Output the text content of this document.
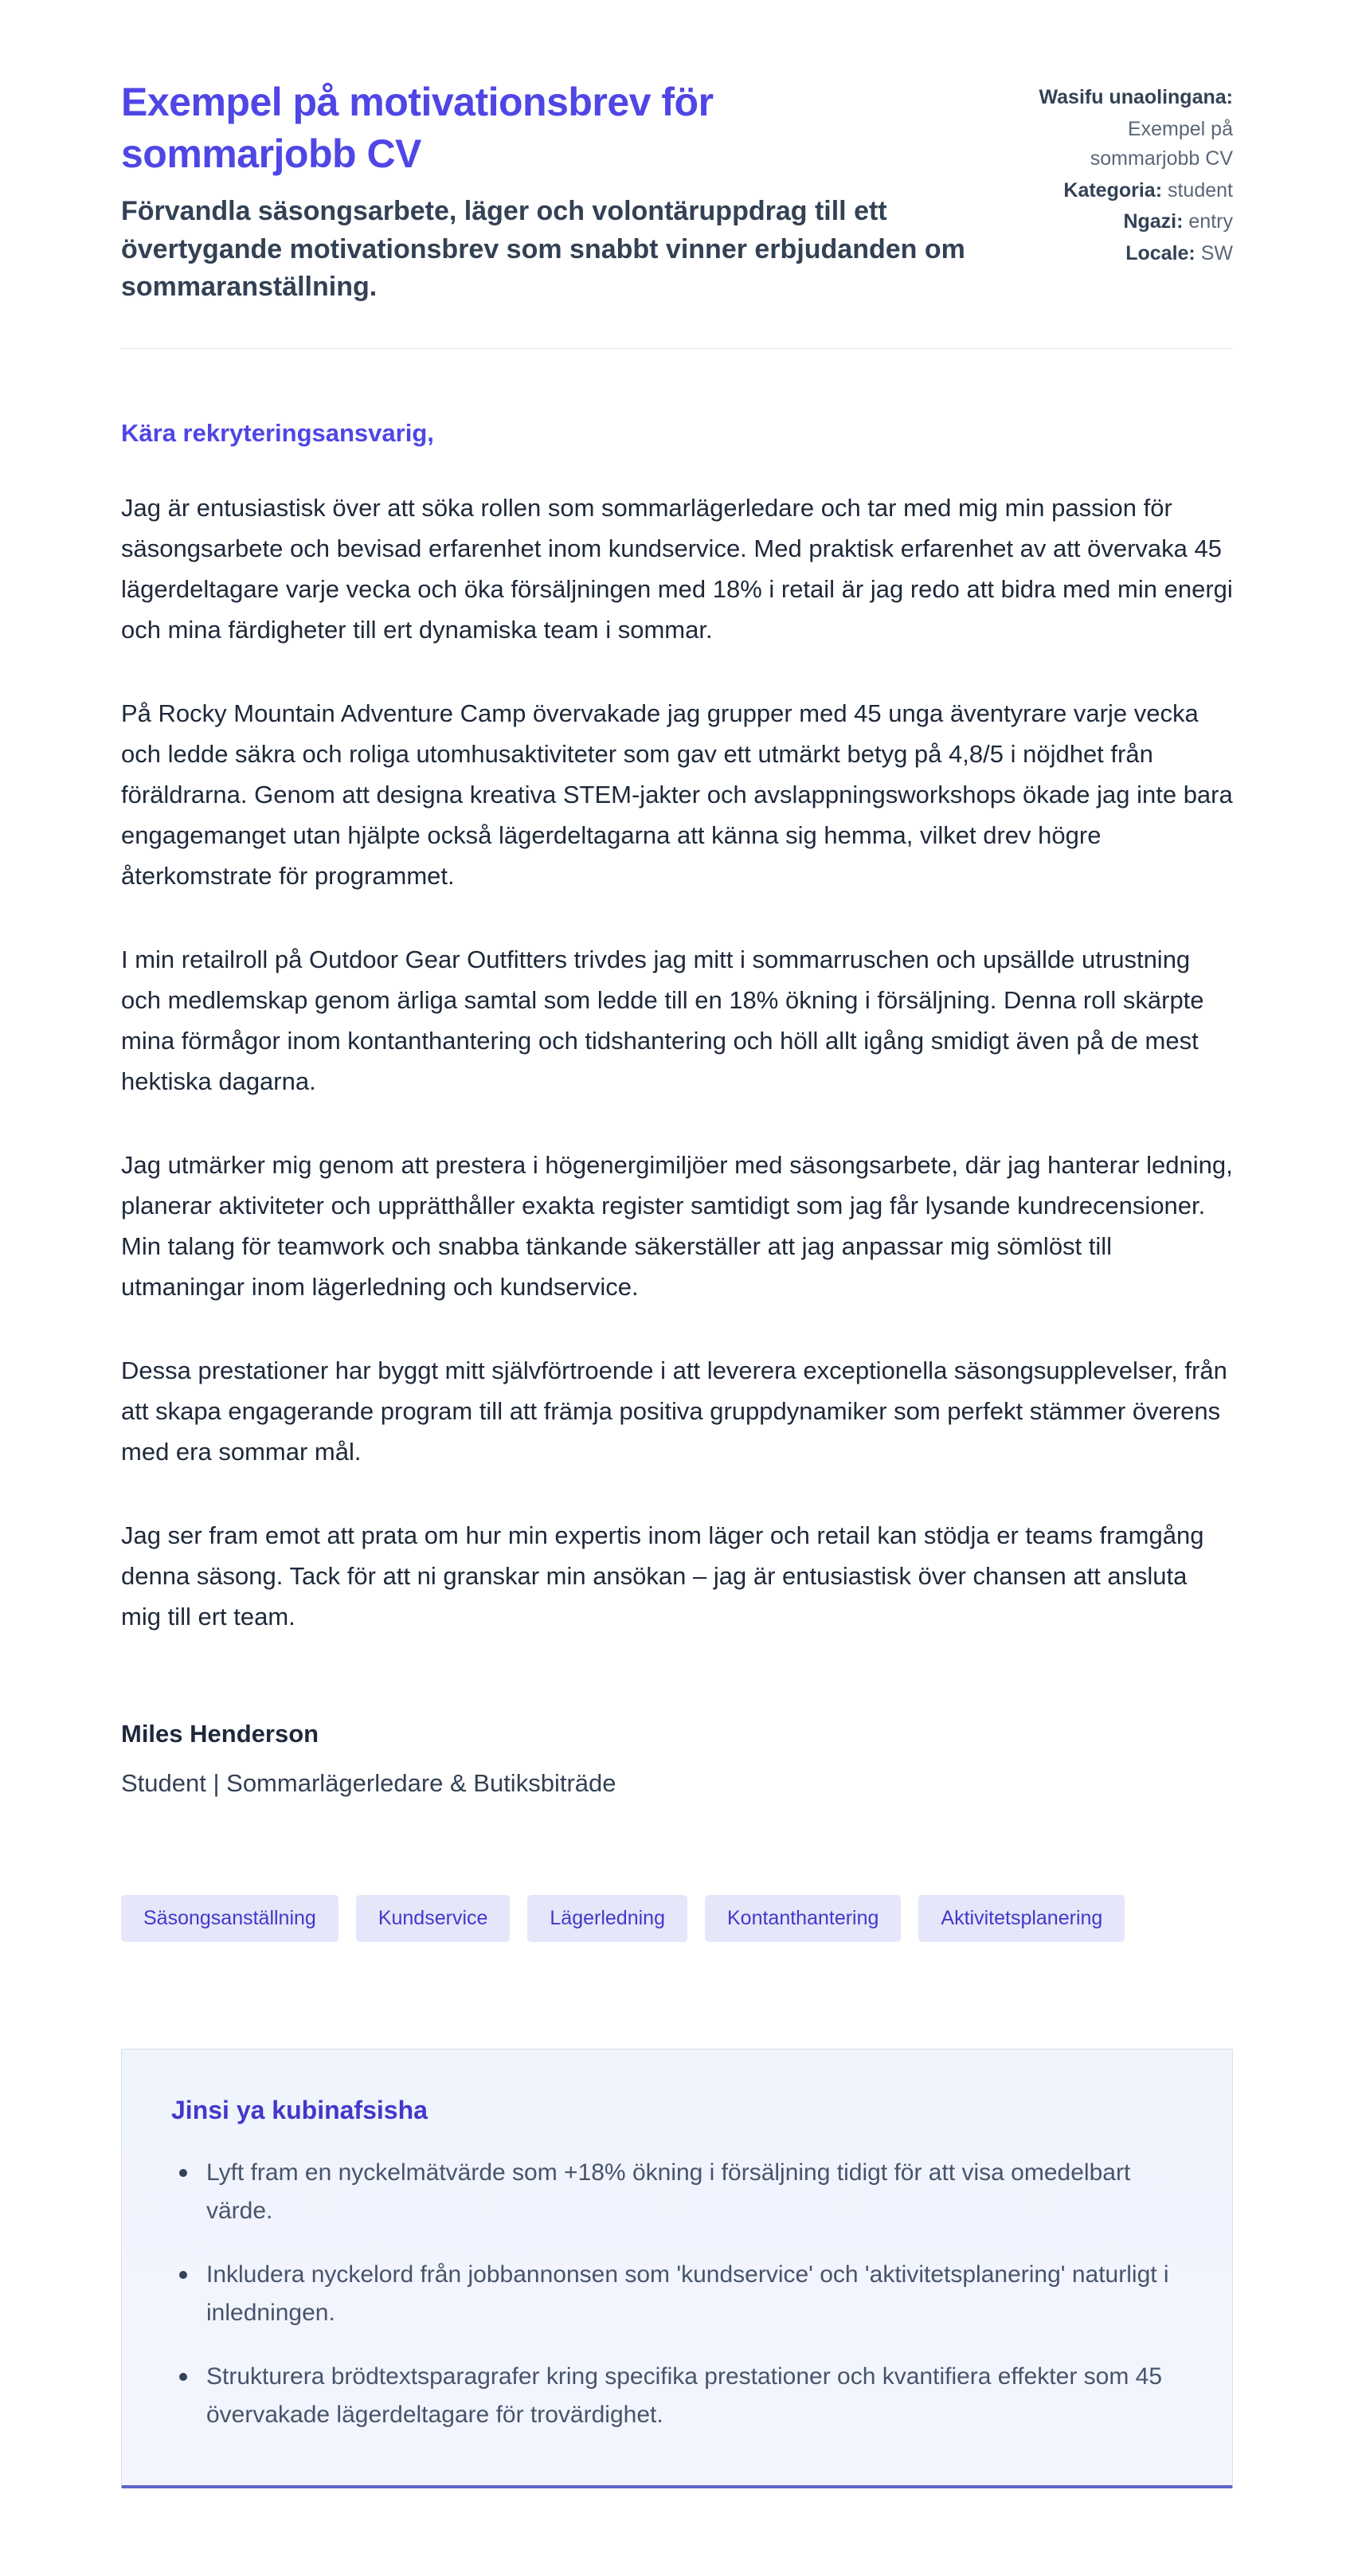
Exempel på motivationsbrev för sommarjobb CV

Förvandla säsongsarbete, läger och volontäruppdrag till ett övertygande motivationsbrev som snabbt vinner erbjudanden om sommaranställning.

Wasifu unaolingana:
Exempel på sommarjobb CV
Kategoria: student
Ngazi: entry
Locale: SW

Kära rekryteringsansvarig,

Jag är entusiastisk över att söka rollen som sommarlägerledare och tar med mig min passion för säsongsarbete och bevisad erfarenhet inom kundservice. Med praktisk erfarenhet av att övervaka 45 lägerdeltagare varje vecka och öka försäljningen med 18% i retail är jag redo att bidra med min energi och mina färdigheter till ert dynamiska team i sommar.

På Rocky Mountain Adventure Camp övervakade jag grupper med 45 unga äventyrare varje vecka och ledde säkra och roliga utomhusaktiviteter som gav ett utmärkt betyg på 4,8/5 i nöjdhet från föräldrarna. Genom att designa kreativa STEM-jakter och avslappningsworkshops ökade jag inte bara engagemanget utan hjälpte också lägerdeltagarna att känna sig hemma, vilket drev högre återkomstrate för programmet.

I min retailroll på Outdoor Gear Outfitters trivdes jag mitt i sommarruschen och upsällde utrustning och medlemskap genom ärliga samtal som ledde till en 18% ökning i försäljning. Denna roll skärpte mina förmågor inom kontanthantering och tidshantering och höll allt igång smidigt även på de mest hektiska dagarna.

Jag utmärker mig genom att prestera i högenergimiljöer med säsongsarbete, där jag hanterar ledning, planerar aktiviteter och upprätthåller exakta register samtidigt som jag får lysande kundrecensioner. Min talang för teamwork och snabba tänkande säkerställer att jag anpassar mig sömlöst till utmaningar inom lägerledning och kundservice.

Dessa prestationer har byggt mitt självförtroende i att leverera exceptionella säsongsupplevelser, från att skapa engagerande program till att främja positiva gruppdynamiker som perfekt stämmer överens med era sommar mål.

Jag ser fram emot att prata om hur min expertis inom läger och retail kan stödja er teams framgång denna säsong. Tack för att ni granskar min ansökan – jag är entusiastisk över chansen att ansluta mig till ert team.

Miles Henderson

Student | Sommarlägerledare & Butiksbiträde

Säsongsanställning	Kundservice	Lägerledning	Kontanthantering	Aktivitetsplanering
Jinsi ya kubinafsisha
Lyft fram en nyckelmätvärde som +18% ökning i försäljning tidigt för att visa omedelbart värde.
Inkludera nyckelord från jobbannonsen som 'kundservice' och 'aktivitetsplanering' naturligt i inledningen.
Strukturera brödtextsparagrafer kring specifika prestationer och kvantifiera effekter som 45 övervakade lägerdeltagare för trovärdighet.
